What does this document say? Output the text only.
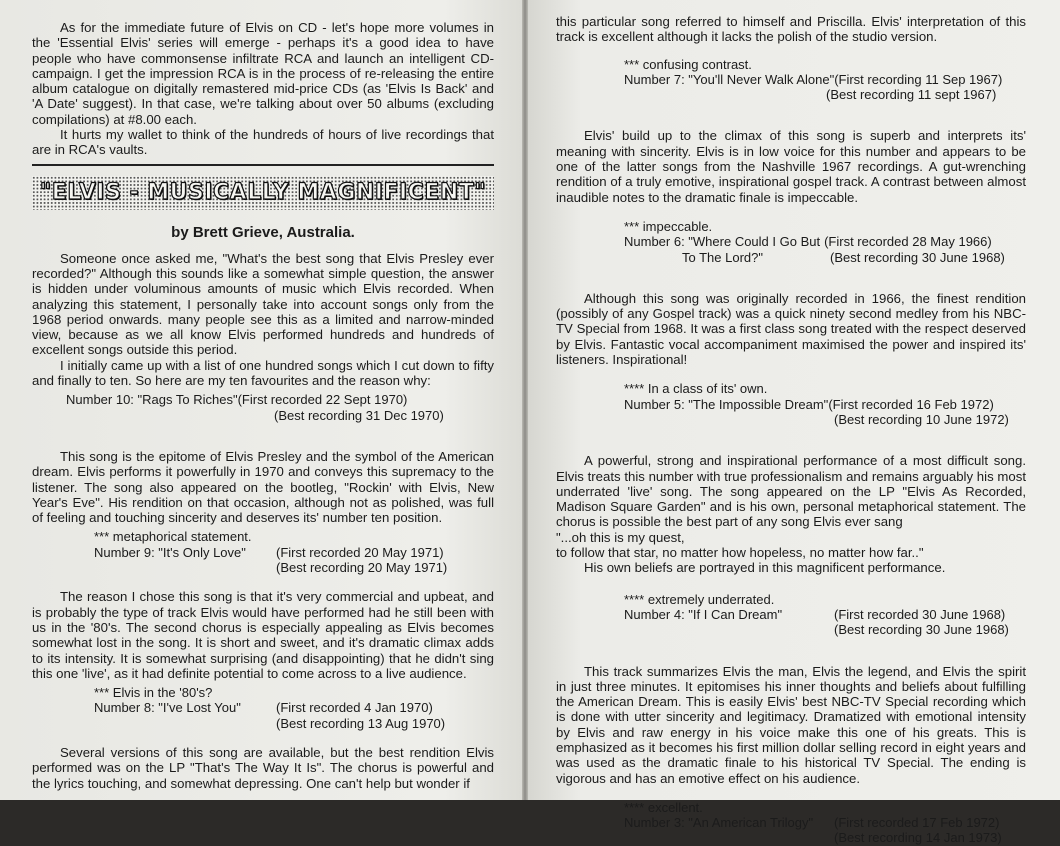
As for the immediate future of Elvis on CD - let's hope more volumes in the 'Essential Elvis' series will emerge - perhaps it's a good idea to have people who have commonsense infiltrate RCA and launch an intelligent CD-campaign. I get the impression RCA is in the process of re-releasing the entire album catalogue on digitally remastered mid-price CDs (as 'Elvis Is Back' and 'A Date' suggest). In that case, we're talking about over 50 albums (excluding compilations) at #8.00 each.

It hurts my wallet to think of the hundreds of hours of live recordings that are in RCA's vaults.

"ELVIS - MUSICALLY MAGNIFICENT"
by Brett Grieve, Australia.

Someone once asked me, "What's the best song that Elvis Presley ever recorded?" Although this sounds like a somewhat simple question, the answer is hidden under voluminous amounts of music which Elvis recorded. When analyzing this statement, I personally take into account songs only from the 1968 period onwards. many people see this as a limited and narrow-minded view, because as we all know Elvis performed hundreds and hundreds of excellent songs outside this period.

I initially came up with a list of one hundred songs which I cut down to fifty and finally to ten. So here are my ten favourites and the reason why:

Number 10: "Rags To Riches" (First recorded 22 Sept 1970)
(Best recording 31 Dec 1970)

This song is the epitome of Elvis Presley and the symbol of the American dream. Elvis performs it powerfully in 1970 and conveys this supremacy to the listener. The song also appeared on the bootleg, "Rockin' with Elvis, New Year's Eve". His rendition on that occasion, although not as polished, was full of feeling and touching sincerity and deserves its' number ten position.

*** metaphorical statement.
Number 9: "It's Only Love"	(First recorded 20 May 1971)
(Best recording 20 May 1971)

The reason I chose this song is that it's very commercial and upbeat, and is probably the type of track Elvis would have performed had he still been with us in the '80's. The second chorus is especially appealing as Elvis becomes somewhat lost in the song. It is short and sweet, and it's dramatic climax adds to its intensity. It is somewhat surprising (and disappointing) that he didn't sing this one 'live', as it had definite potential to come across to a live audience.

*** Elvis in the '80's?
Number 8: "I've Lost You"	(First recorded 4 Jan 1970)
(Best recording 13 Aug 1970)

Several versions of this song are available, but the best rendition Elvis performed was on the LP "That's The Way It Is". The chorus is powerful and the lyrics touching, and somewhat depressing. One can't help but wonder if

this particular song referred to himself and Priscilla. Elvis' interpretation of this track is excellent although it lacks the polish of the studio version.

*** confusing contrast.
Number 7: "You'll Never Walk Alone" (First recording 11 Sep 1967)
(Best recording 11 sept 1967)

Elvis' build up to the climax of this song is superb and interprets its' meaning with sincerity. Elvis is in low voice for this number and appears to be one of the latter songs from the Nashville 1967 recordings. A gut-wrenching rendition of a truly emotive, inspirational gospel track. A contrast between almost inaudible notes to the dramatic finale is impeccable.

*** impeccable.
Number 6: "Where Could I Go But (First recorded 28 May 1966)
To The Lord?"	(Best recording 30 June 1968)

Although this song was originally recorded in 1966, the finest rendition (possibly of any Gospel track) was a quick ninety second medley from his NBC-TV Special from 1968. It was a first class song treated with the respect deserved by Elvis. Fantastic vocal accompaniment maximised the power and inspired its' listeners. Inspirational!

**** In a class of its' own.
Number 5: "The Impossible Dream" (First recorded 16 Feb 1972)
(Best recording 10 June 1972)

A powerful, strong and inspirational performance of a most difficult song. Elvis treats this number with true professionalism and remains arguably his most underrated 'live' song. The song appeared on the LP "Elvis As Recorded, Madison Square Garden" and is his own, personal metaphorical statement. The chorus is possible the best part of any song Elvis ever sang

"...oh this is my quest,

to follow that star, no matter how hopeless, no matter how far.."

His own beliefs are portrayed in this magnificent performance.

**** extremely underrated.
Number 4: "If I Can Dream"	(First recorded 30 June 1968)
(Best recording 30 June 1968)

This track summarizes Elvis the man, Elvis the legend, and Elvis the spirit in just three minutes. It epitomises his inner thoughts and beliefs about fulfilling the American Dream. This is easily Elvis' best NBC-TV Special recording which is done with utter sincerity and legitimacy. Dramatized with emotional intensity by Elvis and raw energy in his voice make this one of his greats. This is emphasized as it becomes his first million dollar selling record in eight years and was used as the dramatic finale to his historical TV Special. The ending is vigorous and has an emotive effect on his audience.

**** excellent.
Number 3: "An American Trilogy"	(First recorded 17 Feb 1972)
(Best recording 14 Jan 1973)
